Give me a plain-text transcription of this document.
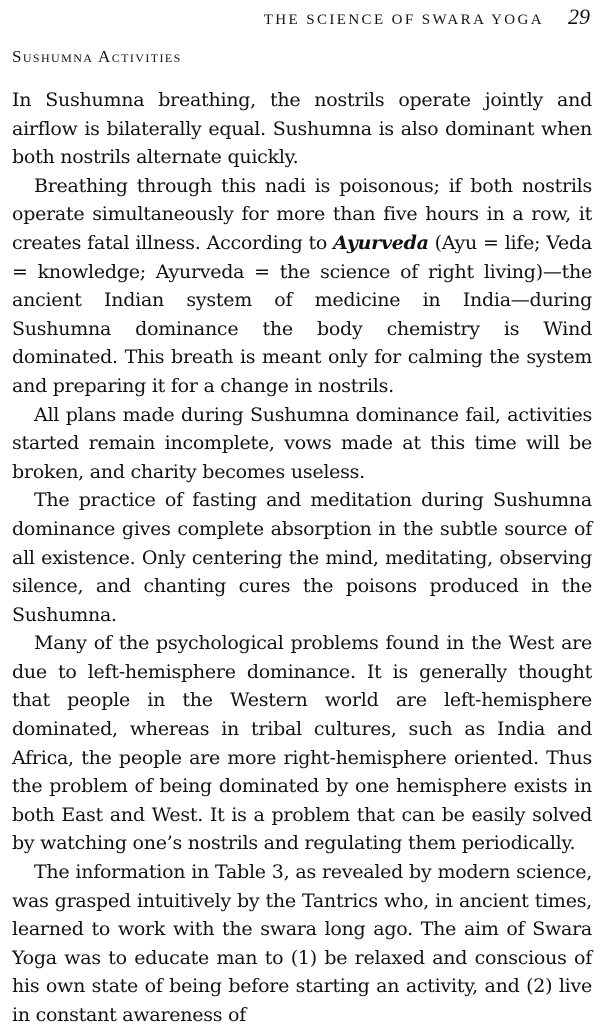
THE SCIENCE OF SWARA YOGA 29
Sushumna Activities

In Sushumna breathing, the nostrils operate jointly and airflow is bilaterally equal. Sushumna is also dominant when both nostrils alternate quickly.

Breathing through this nadi is poisonous; if both nostrils operate simultaneously for more than five hours in a row, it creates fatal illness. According to Ayurveda (Ayu = life; Veda = knowledge; Ayurveda = the science of right living)—the ancient Indian system of medicine in India—during Sushumna dominance the body chemistry is Wind dominated. This breath is meant only for calming the system and preparing it for a change in nostrils.

All plans made during Sushumna dominance fail, activities started remain incomplete, vows made at this time will be broken, and charity becomes useless.

The practice of fasting and meditation during Sushumna dominance gives complete absorption in the subtle source of all existence. Only centering the mind, meditating, observing silence, and chanting cures the poisons produced in the Sushumna.

Many of the psychological problems found in the West are due to left-hemisphere dominance. It is generally thought that people in the Western world are left-hemisphere dominated, whereas in tribal cultures, such as India and Africa, the people are more right-hemisphere oriented. Thus the problem of being dominated by one hemisphere exists in both East and West. It is a problem that can be easily solved by watching one’s nostrils and regulating them periodically.

The information in Table 3, as revealed by modern science, was grasped intuitively by the Tantrics who, in ancient times, learned to work with the swara long ago. The aim of Swara Yoga was to educate man to (1) be relaxed and conscious of his own state of being before starting an activity, and (2) live in constant awareness of
